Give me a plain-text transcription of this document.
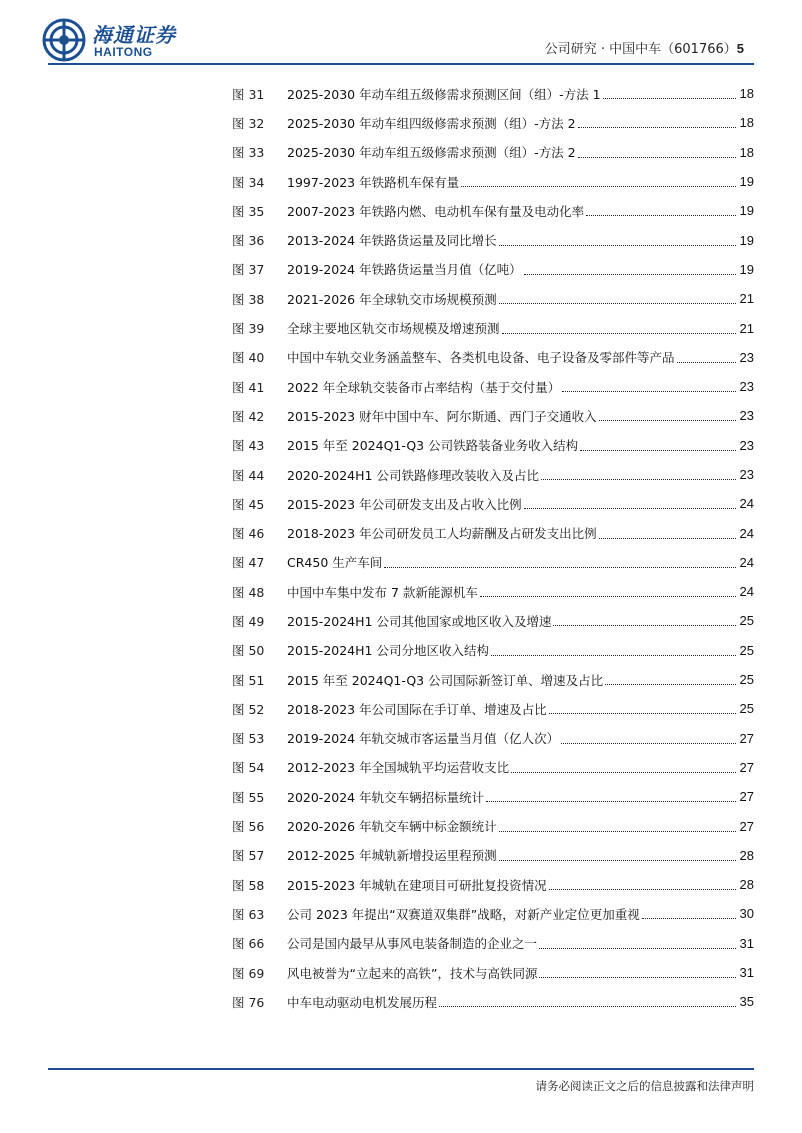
海通证券
HAITONG	公司研究 · 中国中车（601766）5
图 31	2025-2030 年动车组五级修需求预测区间（组）-方法 1	18
图 32	2025-2030 年动车组四级修需求预测（组）-方法 2	18
图 33	2025-2030 年动车组五级修需求预测（组）-方法 2	18
图 34	1997-2023 年铁路机车保有量	19
图 35	2007-2023 年铁路内燃、电动机车保有量及电动化率	19
图 36	2013-2024 年铁路货运量及同比增长	19
图 37	2019-2024 年铁路货运量当月值（亿吨）	19
图 38	2021-2026 年全球轨交市场规模预测	21
图 39	全球主要地区轨交市场规模及增速预测	21
图 40	中国中车轨交业务涵盖整车、各类机电设备、电子设备及零部件等产品	23
图 41	2022 年全球轨交装备市占率结构（基于交付量）	23
图 42	2015-2023 财年中国中车、阿尔斯通、西门子交通收入	23
图 43	2015 年至 2024Q1-Q3 公司铁路装备业务收入结构	23
图 44	2020-2024H1 公司铁路修理改装收入及占比	23
图 45	2015-2023 年公司研发支出及占收入比例	24
图 46	2018-2023 年公司研发员工人均薪酬及占研发支出比例	24
图 47	CR450 生产车间	24
图 48	中国中车集中发布 7 款新能源机车	24
图 49	2015-2024H1 公司其他国家或地区收入及增速	25
图 50	2015-2024H1 公司分地区收入结构	25
图 51	2015 年至 2024Q1-Q3 公司国际新签订单、增速及占比	25
图 52	2018-2023 年公司国际在手订单、增速及占比	25
图 53	2019-2024 年轨交城市客运量当月值（亿人次）	27
图 54	2012-2023 年全国城轨平均运营收支比	27
图 55	2020-2024 年轨交车辆招标量统计	27
图 56	2020-2026 年轨交车辆中标金额统计	27
图 57	2012-2025 年城轨新增投运里程预测	28
图 58	2015-2023 年城轨在建项目可研批复投资情况	28
图 63	公司 2023 年提出“双赛道双集群”战略，对新产业定位更加重视	30
图 66	公司是国内最早从事风电装备制造的企业之一	31
图 69	风电被誉为“立起来的高铁”，技术与高铁同源	31
图 76	中车电动驱动电机发展历程	35
请务必阅读正文之后的信息披露和法律声明
